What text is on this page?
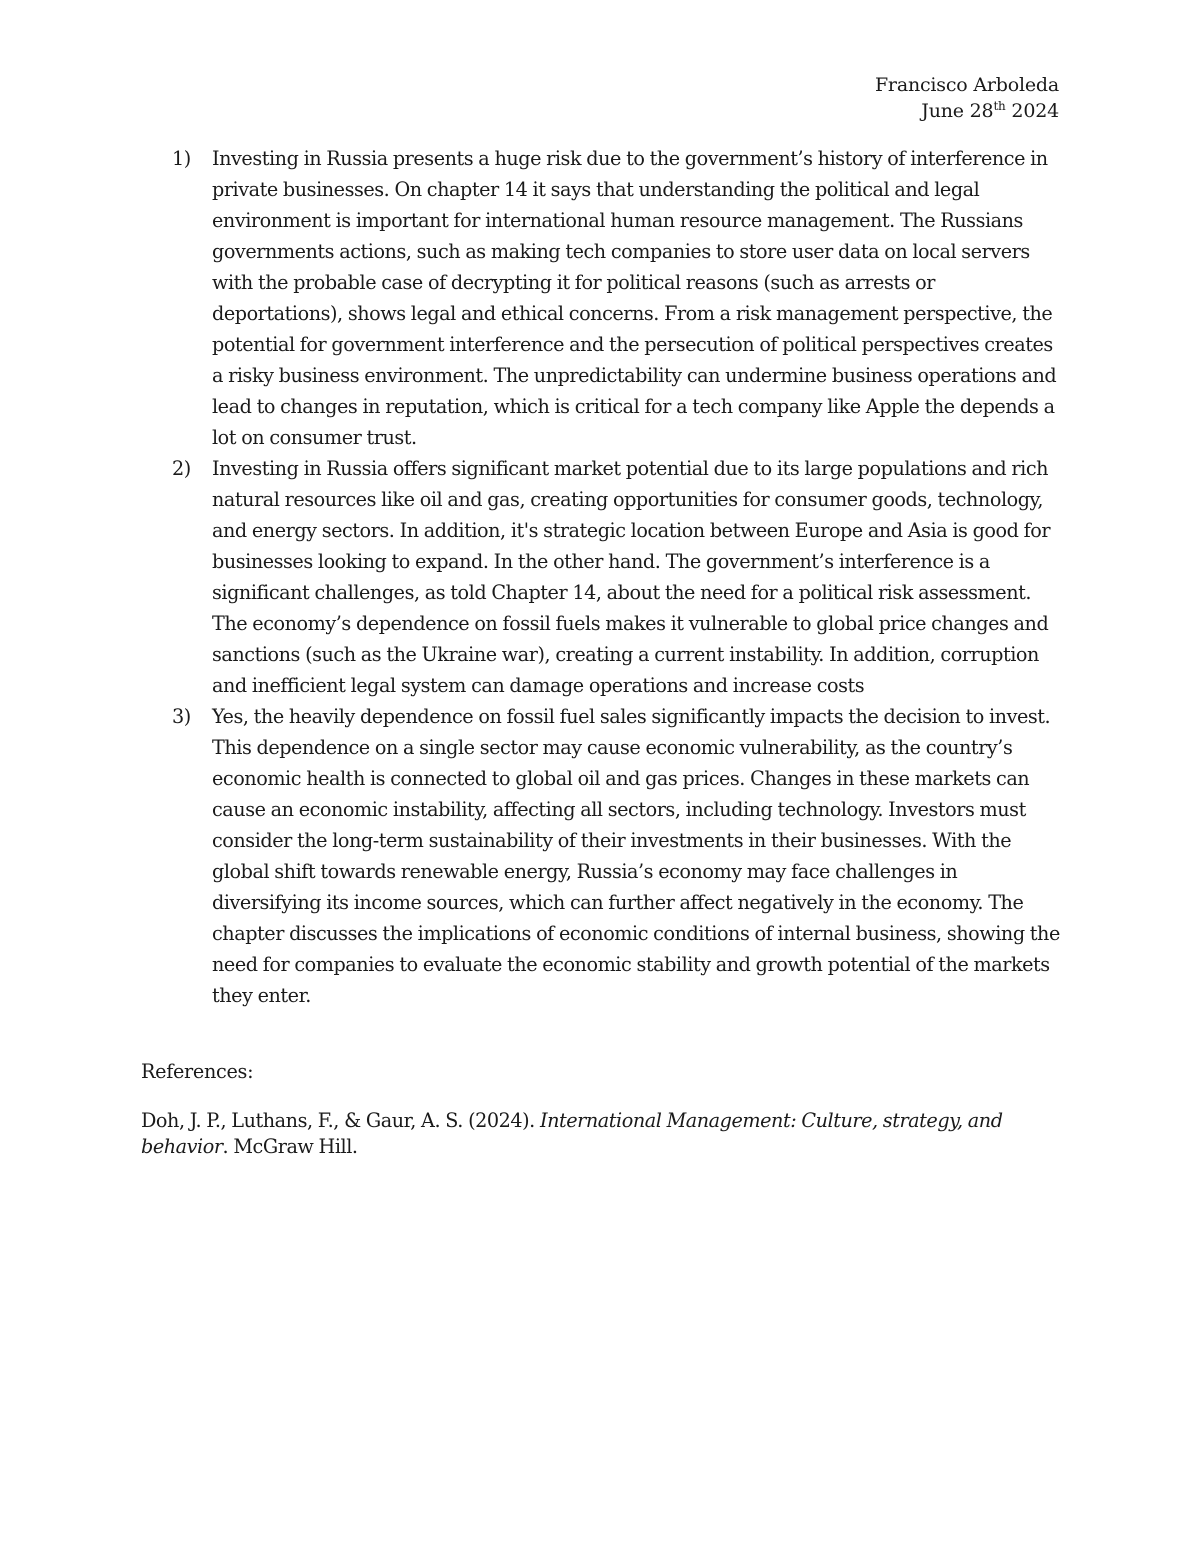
Francisco Arboleda
June 28th 2024
1) Investing in Russia presents a huge risk due to the government’s history of interference in private businesses. On chapter 14 it says that understanding the political and legal environment is important for international human resource management. The Russians governments actions, such as making tech companies to store user data on local servers with the probable case of decrypting it for political reasons (such as arrests or deportations), shows legal and ethical concerns. From a risk management perspective, the potential for government interference and the persecution of political perspectives creates a risky business environment. The unpredictability can undermine business operations and lead to changes in reputation, which is critical for a tech company like Apple the depends a lot on consumer trust.
2) Investing in Russia offers significant market potential due to its large populations and rich natural resources like oil and gas, creating opportunities for consumer goods, technology, and energy sectors. In addition, it's strategic location between Europe and Asia is good for businesses looking to expand. In the other hand. The government’s interference is a significant challenges, as told Chapter 14, about the need for a political risk assessment. The economy’s dependence on fossil fuels makes it vulnerable to global price changes and sanctions (such as the Ukraine war), creating a current instability. In addition, corruption and inefficient legal system can damage operations and increase costs
3) Yes, the heavily dependence on fossil fuel sales significantly impacts the decision to invest. This dependence on a single sector may cause economic vulnerability, as the country’s economic health is connected to global oil and gas prices. Changes in these markets can cause an economic instability, affecting all sectors, including technology. Investors must consider the long-term sustainability of their investments in their businesses. With the global shift towards renewable energy, Russia’s economy may face challenges in diversifying its income sources, which can further affect negatively in the economy. The chapter discusses the implications of economic conditions of internal business, showing the need for companies to evaluate the economic stability and growth potential of the markets they enter.
References:
Doh, J. P., Luthans, F., & Gaur, A. S. (2024). International Management: Culture, strategy, and behavior. McGraw Hill.
